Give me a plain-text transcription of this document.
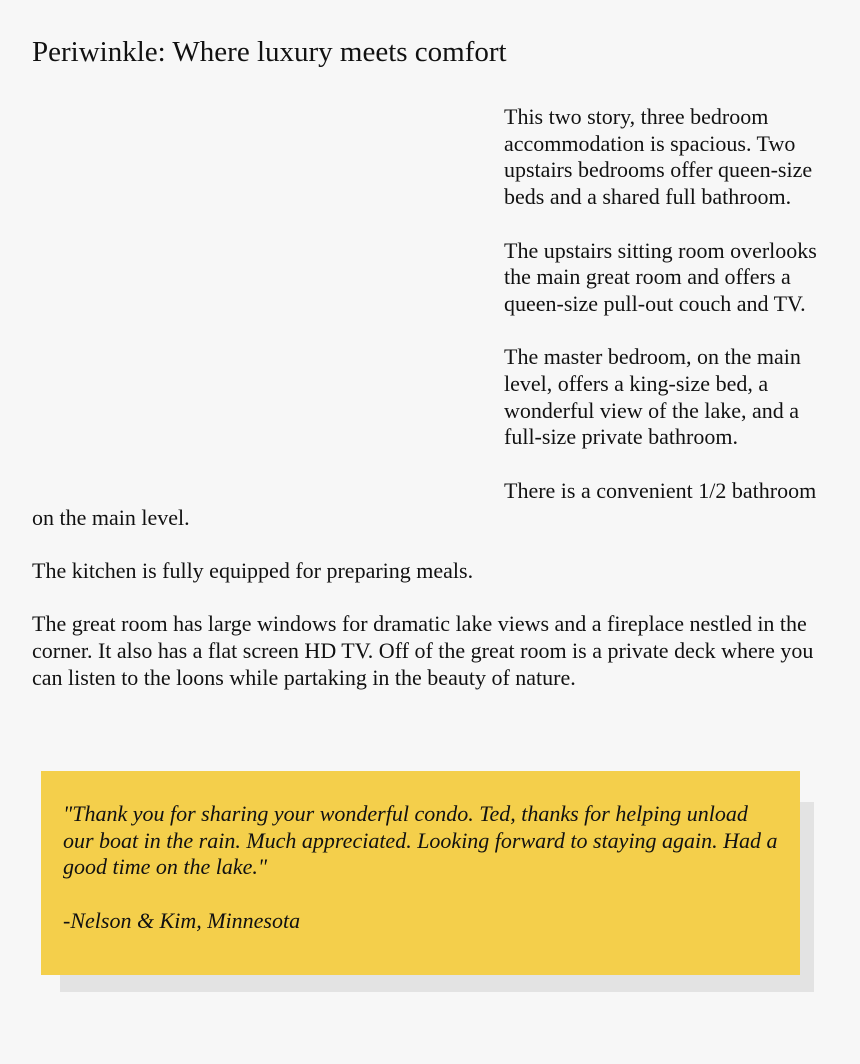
Periwinkle: Where luxury meets comfort

This two story, three bedroom accommodation is spacious. Two upstairs bedrooms offer queen-size beds and a shared full bathroom.

The upstairs sitting room overlooks the main great room and offers a queen-size pull-out couch and TV.

The master bedroom, on the main level, offers a king-size bed, a wonderful view of the lake, and a full-size private bathroom.

There is a convenient 1/2 bathroom on the main level.

The kitchen is fully equipped for preparing meals.

The great room has large windows for dramatic lake views and a fireplace nestled in the corner. It also has a flat screen HD TV. Off of the great room is a private deck where you can listen to the loons while partaking in the beauty of nature.

"Thank you for sharing your wonderful condo. Ted, thanks for helping unload our boat in the rain. Much appreciated. Looking forward to staying again. Had a good time on the lake."

-Nelson & Kim, Minnesota
